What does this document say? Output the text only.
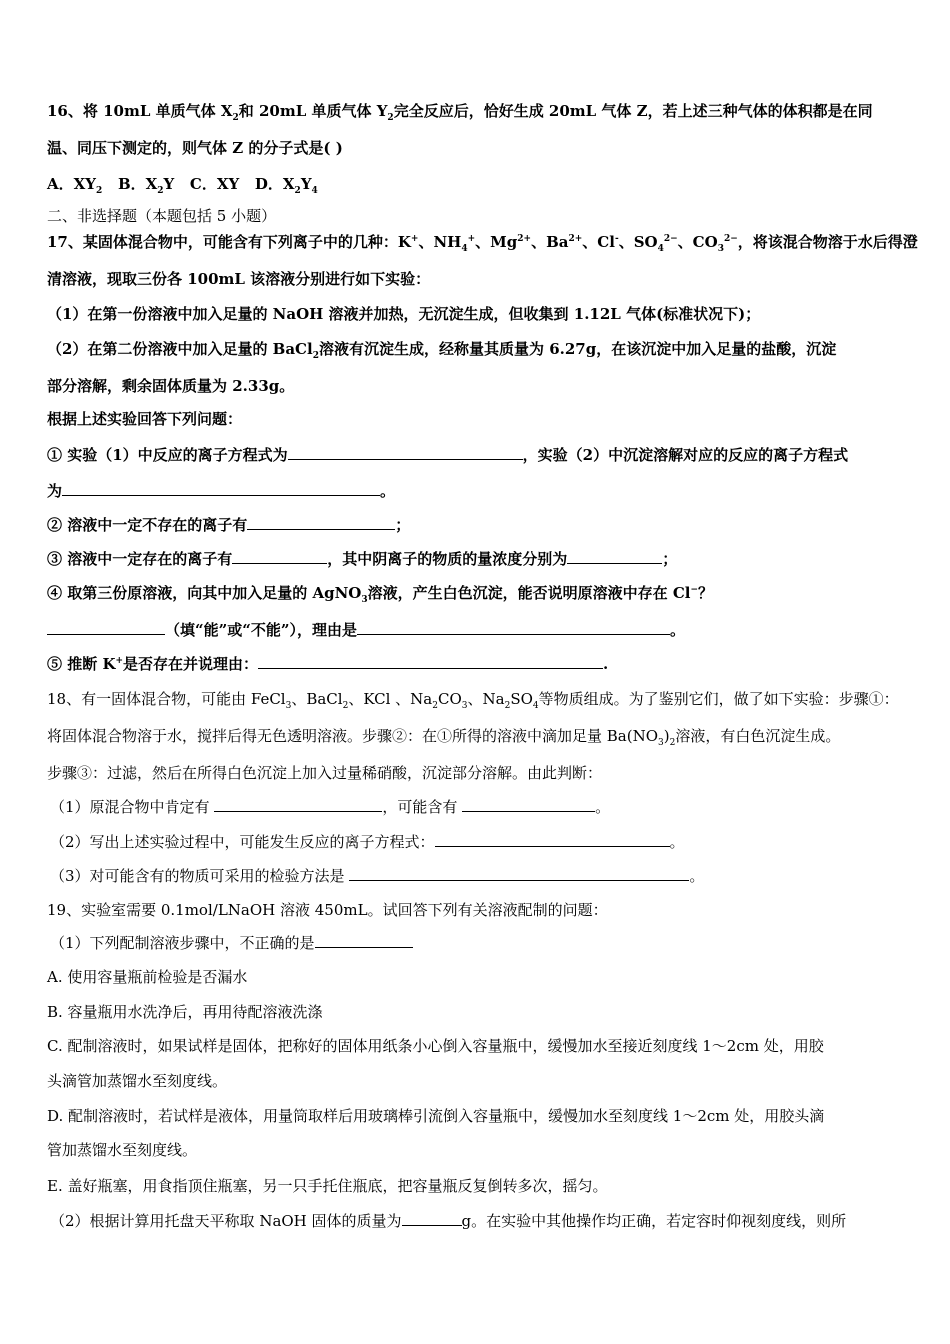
16、将 10mL 单质气体 $X_2$和 20mL 单质气体 $Y_2$完全反应后，恰好生成 20mL 气体 Z，若上述三种气体的体积都是在同
温、同压下测定的，则气体 Z 的分子式是( )
A．$XY_2$ B．$X_2Y$ C．XY D．$X_2Y_4$
二、非选择题（本题包括 5 小题）
17、某固体混合物中，可能含有下列离子中的几种：K+、$NH_4^+$、$Mg^{2+}$、$Ba^{2+}$、Cl-、$SO_4^{2-}$、$CO_3^{2-}$，将该混合物溶于水后得澄
清溶液，现取三份各 100mL 该溶液分别进行如下实验：
（1）在第一份溶液中加入足量的 NaOH 溶液并加热，无沉淀生成，但收集到 1.12L 气体(标准状况下)；
（2）在第二份溶液中加入足量的 BaCl$_2$溶液有沉淀生成，经称量其质量为 6.27g，在该沉淀中加入足量的盐酸，沉淀
部分溶解，剩余固体质量为 2.33g。
根据上述实验回答下列问题：
① 实验（1）中反应的离子方程式为	，实验（2）中沉淀溶解对应的反应的离子方程式
为	。
② 溶液中一定不存在的离子有	；
③ 溶液中一定存在的离子有	，其中阴离子的物质的量浓度分别为	；
④ 取第三份原溶液，向其中加入足量的 AgNO$_3$溶液，产生白色沉淀，能否说明原溶液中存在 Cl−？
（填“能”或“不能”），理由是	。
⑤ 推断 K+是否存在并说理由：	.
18、有一固体混合物，可能由 FeCl$_3$、BaCl$_2$、KCl 、$Na_2CO_3$、$Na_2SO_4$等物质组成。为了鉴别它们，做了如下实验：步骤①：
将固体混合物溶于水，搅拌后得无色透明溶液。步骤②：在①所得的溶液中滴加足量 $Ba(NO_3)_2$溶液，有白色沉淀生成。
步骤③：过滤，然后在所得白色沉淀上加入过量稀硝酸，沉淀部分溶解。由此判断：
（1）原混合物中肯定有	，可能含有	。
（2）写出上述实验过程中，可能发生反应的离子方程式：	。
（3）对可能含有的物质可采用的检验方法是	。
19、实验室需要 0.1mol/LNaOH 溶液 450mL。试回答下列有关溶液配制的问题：
（1）下列配制溶液步骤中，不正确的是
A. 使用容量瓶前检验是否漏水
B. 容量瓶用水洗净后，再用待配溶液洗涤
C. 配制溶液时，如果试样是固体，把称好的固体用纸条小心倒入容量瓶中，缓慢加水至接近刻度线 1～2cm 处，用胶
头滴管加蒸馏水至刻度线。
D. 配制溶液时，若试样是液体，用量筒取样后用玻璃棒引流倒入容量瓶中，缓慢加水至刻度线 1～2cm 处，用胶头滴
管加蒸馏水至刻度线。
E. 盖好瓶塞，用食指顶住瓶塞，另一只手托住瓶底，把容量瓶反复倒转多次，摇匀。
（2）根据计算用托盘天平称取 NaOH 固体的质量为	g。在实验中其他操作均正确，若定容时仰视刻度线，则所
